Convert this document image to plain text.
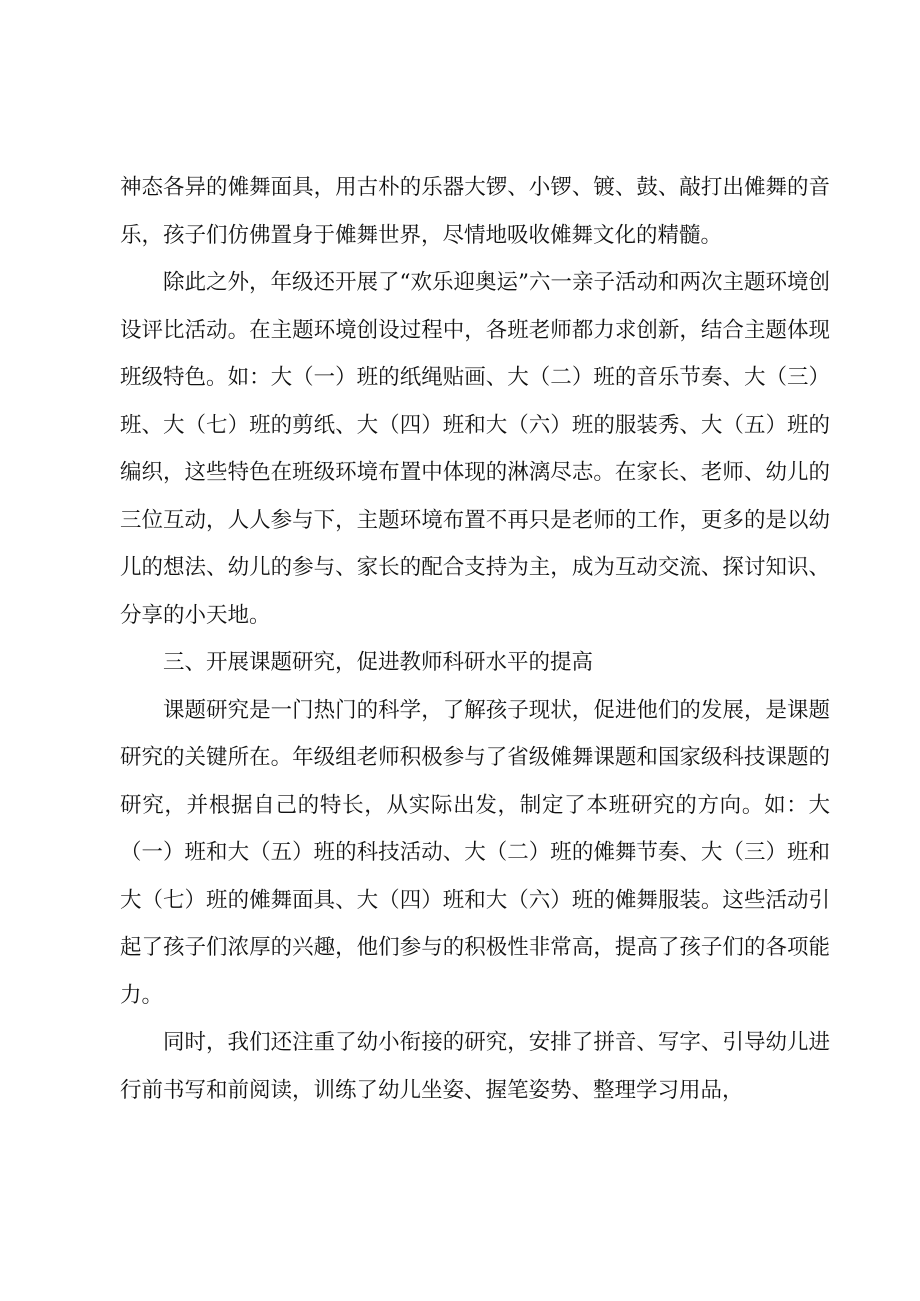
神态各异的傩舞面具，用古朴的乐器大锣、小锣、镀、鼓、敲打出傩舞的音乐，孩子们仿佛置身于傩舞世界，尽情地吸收傩舞文化的精髓。

除此之外，年级还开展了“欢乐迎奥运”六一亲子活动和两次主题环境创设评比活动。在主题环境创设过程中，各班老师都力求创新，结合主题体现班级特色。如：大（一）班的纸绳贴画、大（二）班的音乐节奏、大（三）班、大（七）班的剪纸、大（四）班和大（六）班的服装秀、大（五）班的编织，这些特色在班级环境布置中体现的淋漓尽志。在家长、老师、幼儿的三位互动，人人参与下，主题环境布置不再只是老师的工作，更多的是以幼儿的想法、幼儿的参与、家长的配合支持为主，成为互动交流、探讨知识、分享的小天地。

三、开展课题研究，促进教师科研水平的提高

课题研究是一门热门的科学，了解孩子现状，促进他们的发展，是课题研究的关键所在。年级组老师积极参与了省级傩舞课题和国家级科技课题的研究，并根据自己的特长，从实际出发，制定了本班研究的方向。如：大（一）班和大（五）班的科技活动、大（二）班的傩舞节奏、大（三）班和大（七）班的傩舞面具、大（四）班和大（六）班的傩舞服装。这些活动引起了孩子们浓厚的兴趣，他们参与的积极性非常高，提高了孩子们的各项能力。

同时，我们还注重了幼小衔接的研究，安排了拼音、写字、引导幼儿进行前书写和前阅读，训练了幼儿坐姿、握笔姿势、整理学习用品，
